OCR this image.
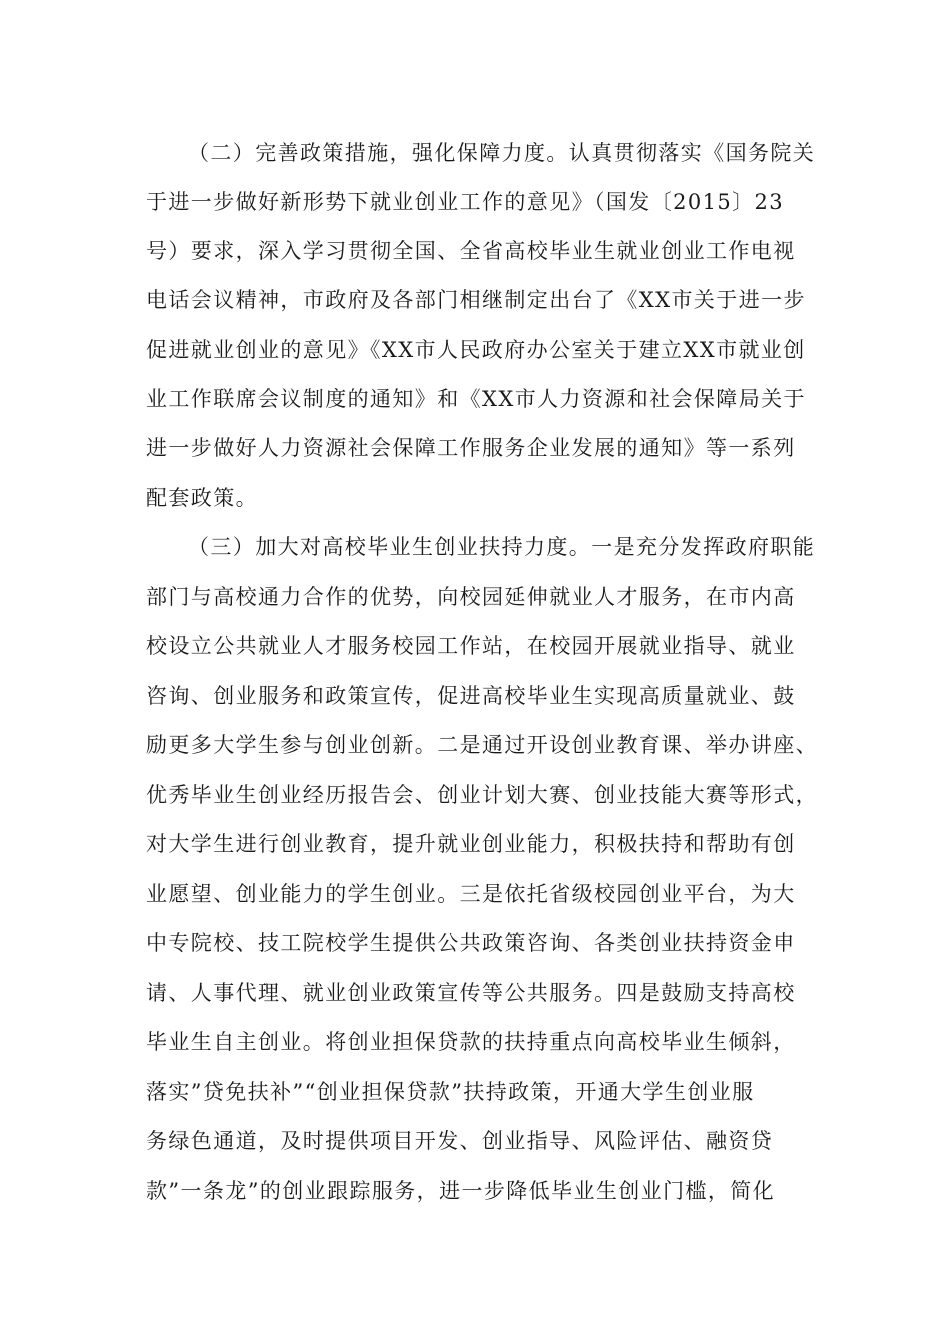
（二）完善政策措施，强化保障力度。认真贯彻落实《国务院关
于进一步做好新形势下就业创业工作的意见》（国发〔2015〕23
号）要求，深入学习贯彻全国、全省高校毕业生就业创业工作电视
电话会议精神，市政府及各部门相继制定出台了《XX市关于进一步
促进就业创业的意见》《XX市人民政府办公室关于建立XX市就业创
业工作联席会议制度的通知》和《XX市人力资源和社会保障局关于
进一步做好人力资源社会保障工作服务企业发展的通知》等一系列
配套政策。
（三）加大对高校毕业生创业扶持力度。一是充分发挥政府职能
部门与高校通力合作的优势，向校园延伸就业人才服务，在市内高
校设立公共就业人才服务校园工作站，在校园开展就业指导、就业
咨询、创业服务和政策宣传，促进高校毕业生实现高质量就业、鼓
励更多大学生参与创业创新。二是通过开设创业教育课、举办讲座、
优秀毕业生创业经历报告会、创业计划大赛、创业技能大赛等形式，
对大学生进行创业教育，提升就业创业能力，积极扶持和帮助有创
业愿望、创业能力的学生创业。三是依托省级校园创业平台，为大
中专院校、技工院校学生提供公共政策咨询、各类创业扶持资金申
请、人事代理、就业创业政策宣传等公共服务。四是鼓励支持高校
毕业生自主创业。将创业担保贷款的扶持重点向高校毕业生倾斜，
落实”贷免扶补”“创业担保贷款”扶持政策，开通大学生创业服
务绿色通道，及时提供项目开发、创业指导、风险评估、融资贷
款”一条龙”的创业跟踪服务，进一步降低毕业生创业门槛，简化
